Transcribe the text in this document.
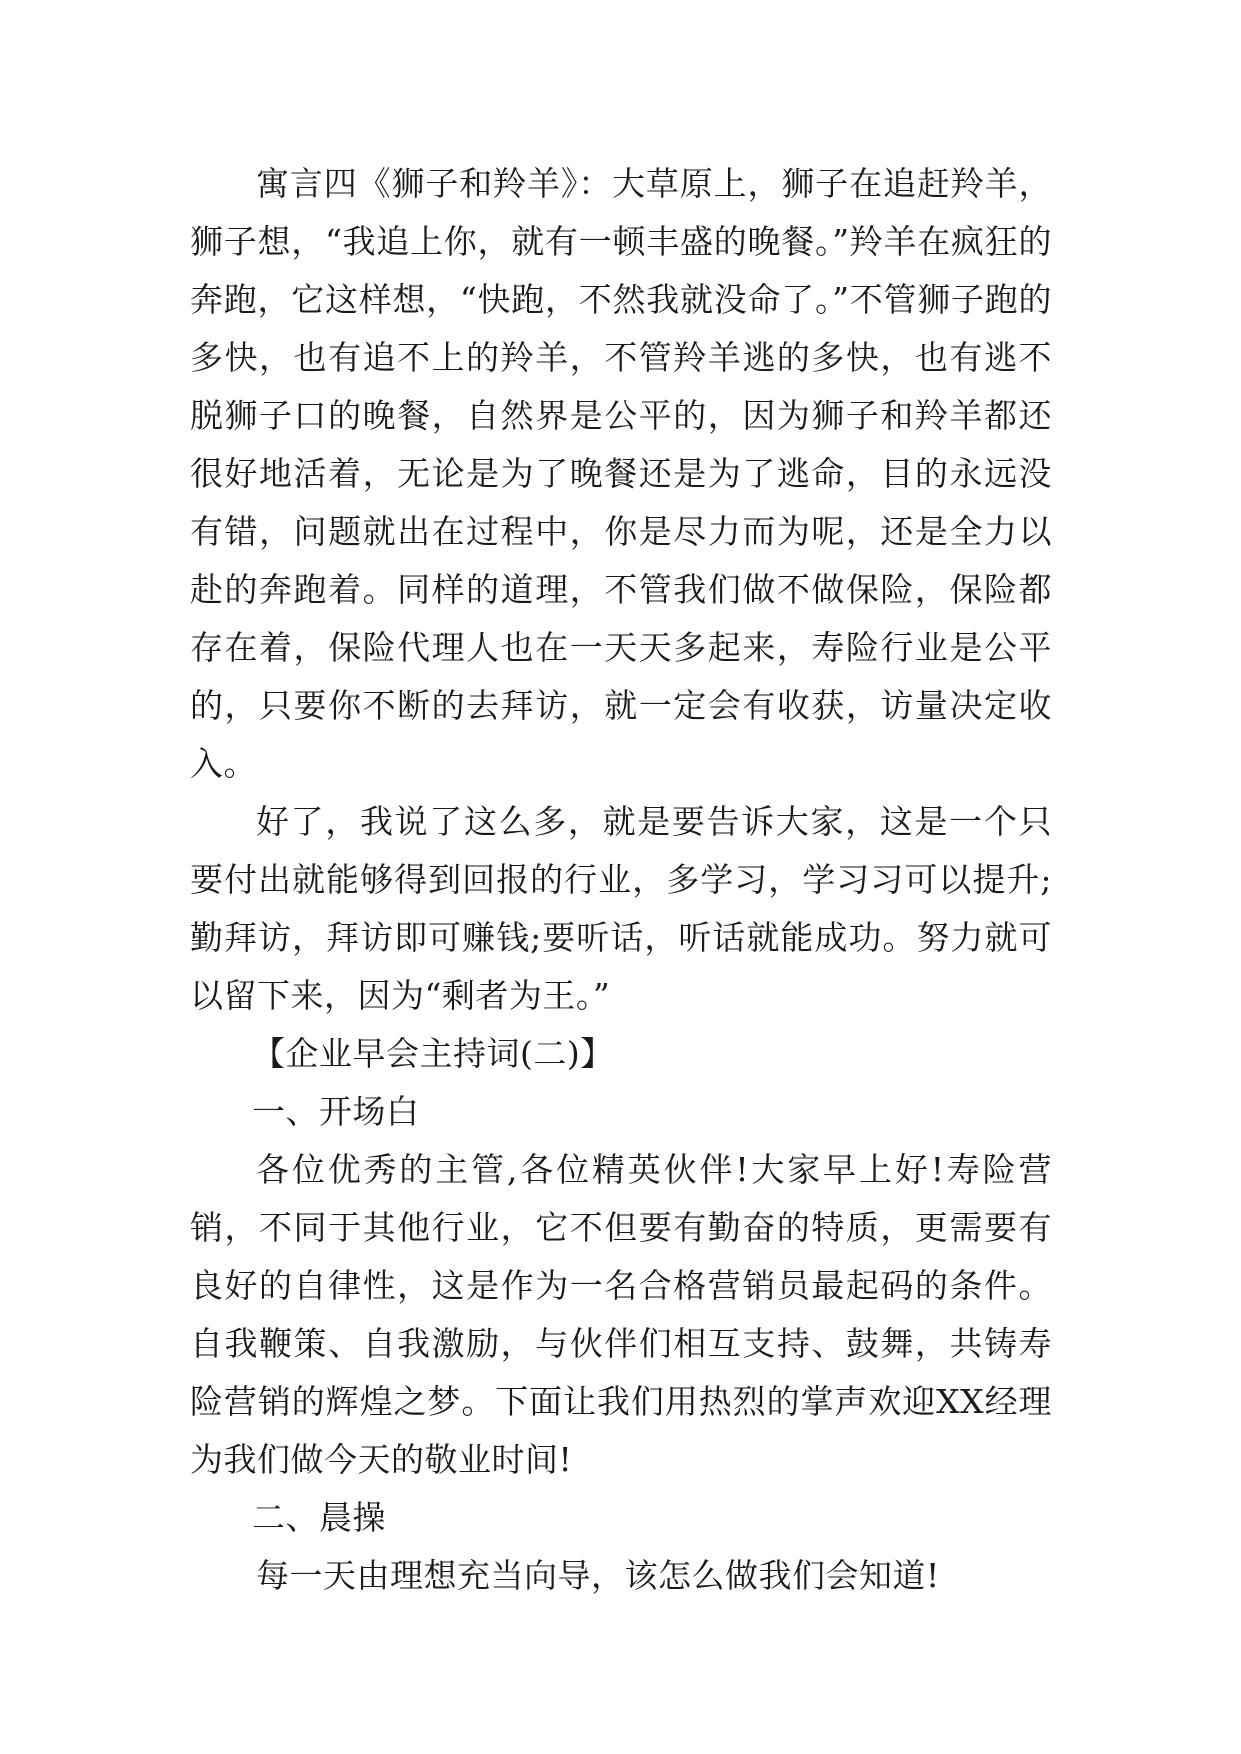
寓言四《狮子和羚羊》：大草原上，狮子在追赶羚羊，狮子想，“我追上你，就有一顿丰盛的晚餐。”羚羊在疯狂的奔跑，它这样想，“快跑，不然我就没命了。”不管狮子跑的多快，也有追不上的羚羊，不管羚羊逃的多快，也有逃不脱狮子口的晚餐，自然界是公平的，因为狮子和羚羊都还很好地活着，无论是为了晚餐还是为了逃命，目的永远没有错，问题就出在过程中，你是尽力而为呢，还是全力以赴的奔跑着。同样的道理，不管我们做不做保险，保险都存在着，保险代理人也在一天天多起来，寿险行业是公平的，只要你不断的去拜访，就一定会有收获，访量决定收入。

好了，我说了这么多，就是要告诉大家，这是一个只要付出就能够得到回报的行业，多学习，学习习可以提升;勤拜访，拜访即可赚钱;要听话，听话就能成功。努力就可以留下来，因为“剩者为王。”

【企业早会主持词(二)】

一、开场白

各位优秀的主管,各位精英伙伴!大家早上好!寿险营销，不同于其他行业，它不但要有勤奋的特质，更需要有良好的自律性，这是作为一名合格营销员最起码的条件。自我鞭策、自我激励，与伙伴们相互支持、鼓舞，共铸寿险营销的辉煌之梦。下面让我们用热烈的掌声欢迎XX经理为我们做今天的敬业时间!

二、晨操

每一天由理想充当向导，该怎么做我们会知道!
